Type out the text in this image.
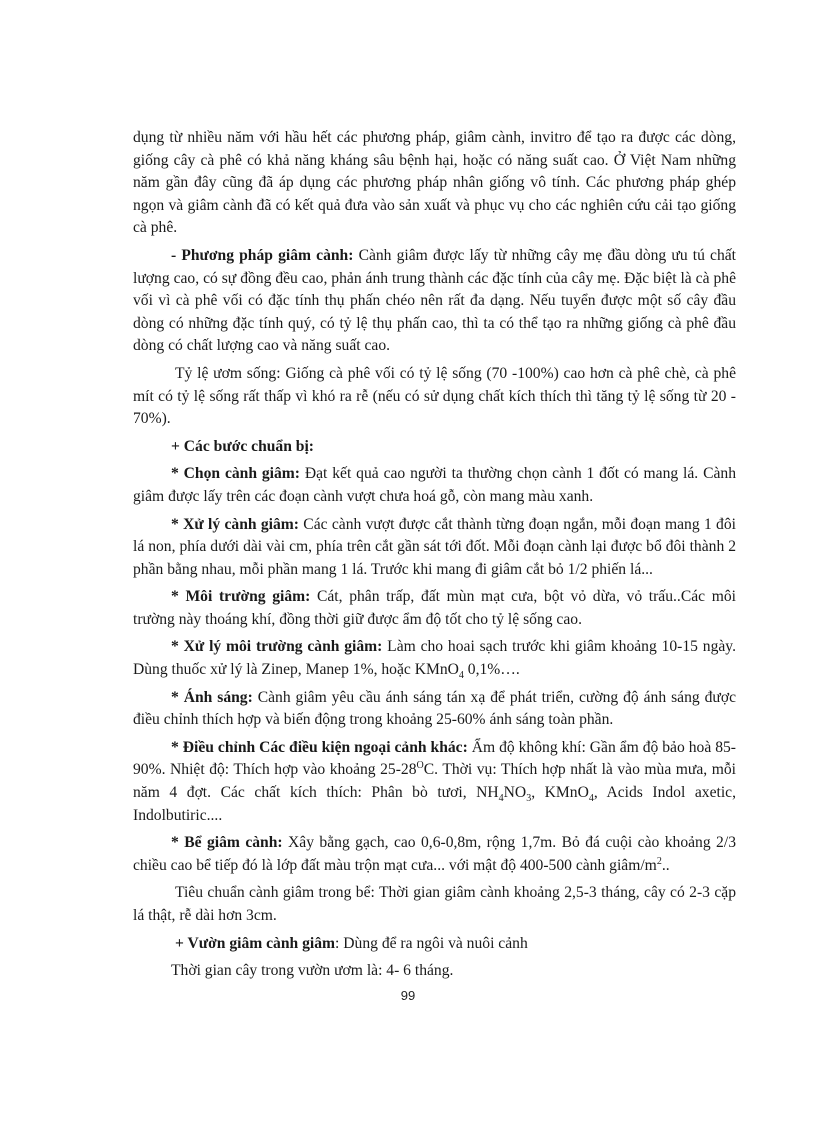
dụng từ nhiều năm với hầu hết các phương pháp, giâm cành, invitro để tạo ra được các dòng, giống cây cà phê có khả năng kháng sâu bệnh hại, hoặc có năng suất cao. Ở Việt Nam những năm gần đây cũng đã áp dụng các phương pháp nhân giống vô tính. Các phương pháp ghép ngọn và giâm cành đã có kết quả đưa vào sản xuất và phục vụ cho các nghiên cứu cải tạo giống cà phê.

- Phương pháp giâm cành: Cành giâm được lấy từ những cây mẹ đầu dòng ưu tú chất lượng cao, có sự đồng đều cao, phản ánh trung thành các đặc tính của cây mẹ. Đặc biệt là cà phê vối vì cà phê vối có đặc tính thụ phấn chéo nên rất đa dạng. Nếu tuyển được một số cây đầu dòng có những đặc tính quý, có tỷ lệ thụ phấn cao, thì ta có thể tạo ra những giống cà phê đầu dòng có chất lượng cao và năng suất cao.

Tỷ lệ ươm sống: Giống cà phê vối có tỷ lệ sống (70 -100%) cao hơn cà phê chè, cà phê mít có tỷ lệ sống rất thấp vì khó ra rễ (nếu có sử dụng chất kích thích thì tăng tỷ lệ sống từ 20 - 70%).

+ Các bước chuẩn bị:

* Chọn cành giâm: Đạt kết quả cao người ta thường chọn cành 1 đốt có mang lá. Cành giâm được lấy trên các đoạn cành vượt chưa hoá gỗ, còn mang màu xanh.

* Xử lý cành giâm: Các cành vượt được cắt thành từng đoạn ngắn, mỗi đoạn mang 1 đôi lá non, phía dưới dài vài cm, phía trên cắt gần sát tới đốt. Mỗi đoạn cành lại được bổ đôi thành 2 phần bằng nhau, mỗi phần mang 1 lá. Trước khi mang đi giâm cắt bỏ 1/2 phiến lá...

* Môi trường giâm: Cát, phân trấp, đất mùn mạt cưa, bột vỏ dừa, vỏ trấu..Các môi trường này thoáng khí, đồng thời giữ được ẩm độ tốt cho tỷ lệ sống cao.

* Xử lý môi trường cành giâm: Làm cho hoai sạch trước khi giâm khoảng 10-15 ngày. Dùng thuốc xử lý là Zinep, Manep 1%, hoặc KMnO$_4$ 0,1%….

* Ánh sáng: Cành giâm yêu cầu ánh sáng tán xạ để phát triển, cường độ ánh sáng được điều chỉnh thích hợp và biến động trong khoảng 25-60% ánh sáng toàn phần.

* Điều chỉnh Các điều kiện ngoại cảnh khác: Ẩm độ không khí: Gần ẩm độ bảo hoà 85-90%. Nhiệt độ: Thích hợp vào khoảng $25-28^OC$. Thời vụ: Thích hợp nhất là vào mùa mưa, mỗi năm 4 đợt. Các chất kích thích: Phân bò tươi, $NH_4NO_3$, KMnO$_4$, Acids Indol axetic, Indolbutiric....

* Bể giâm cành: Xây bằng gạch, cao 0,6-0,8m, rộng 1,7m. Bỏ đá cuội cào khoảng 2/3 chiều cao bể tiếp đó là lớp đất màu trộn mạt cưa... với mật độ 400-500 cành giâm/$m^2$..

Tiêu chuẩn cành giâm trong bể: Thời gian giâm cành khoảng 2,5-3 tháng, cây có 2-3 cặp lá thật, rễ dài hơn 3cm.

+ Vườn giâm cành giâm: Dùng để ra ngôi và nuôi cảnh

Thời gian cây trong vườn ươm là: 4- 6 tháng.

99
